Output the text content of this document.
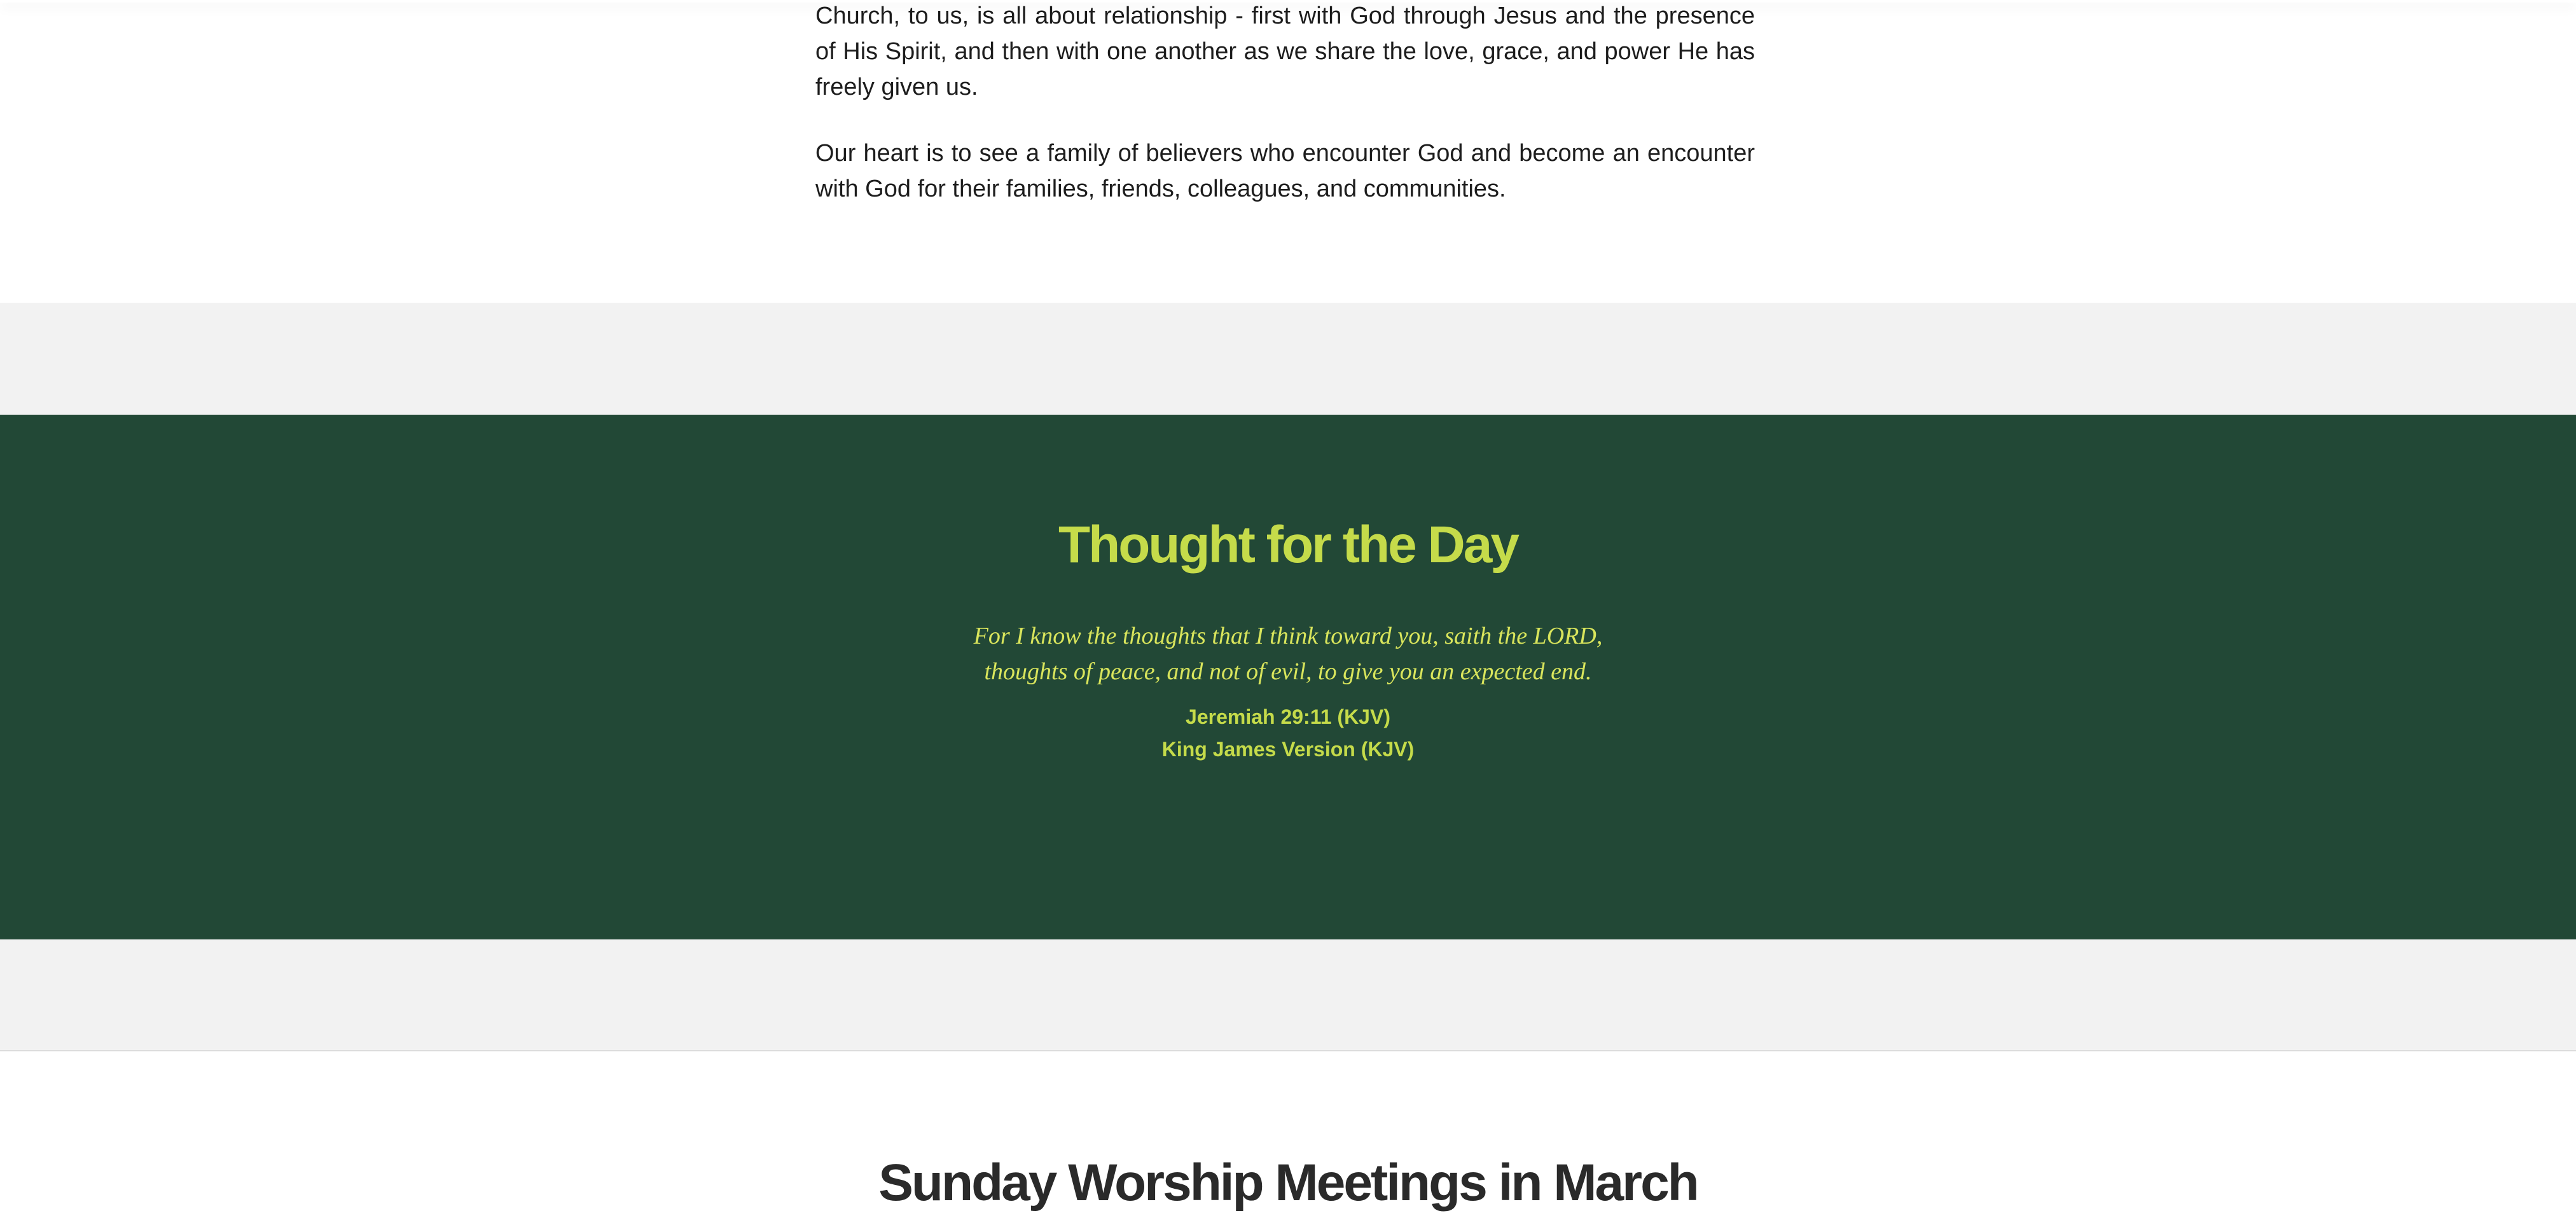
Church, to us, is all about relationship - first with God through Jesus and the presence of His Spirit, and then with one another as we share the love, grace, and power He has freely given us.

Our heart is to see a family of believers who encounter God and become an encounter with God for their families, friends, colleagues, and communities.

Thought for the Day

For I know the thoughts that I think toward you, saith the LORD,
thoughts of peace, and not of evil, to give you an expected end.

Jeremiah 29:11 (KJV)

King James Version (KJV)

Sunday Worship Meetings in March
